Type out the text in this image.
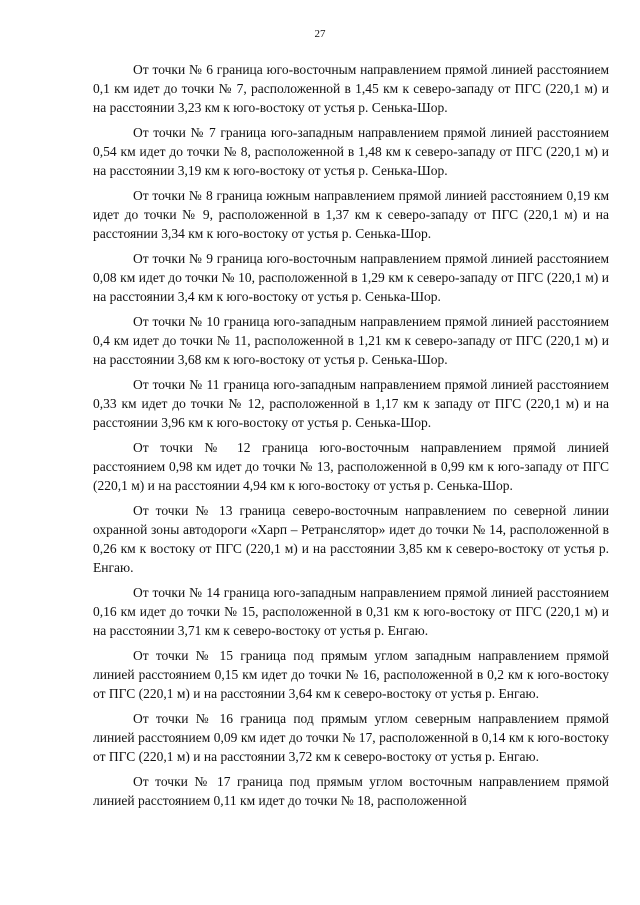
27

От точки № 6 граница юго-восточным направлением прямой линией расстоянием 0,1 км идет до точки № 7, расположенной в 1,45 км к северо-западу от ПГС (220,1 м) и на расстоянии 3,23 км к юго-востоку от устья р. Сенька-Шор.

От точки № 7 граница юго-западным направлением прямой линией расстоянием 0,54 км идет до точки № 8, расположенной в 1,48 км к северо-западу от ПГС (220,1 м) и на расстоянии 3,19 км к юго-востоку от устья р. Сенька-Шор.

От точки № 8 граница южным направлением прямой линией расстоянием 0,19 км идет до точки № 9, расположенной в 1,37 км к северо-западу от ПГС (220,1 м) и на расстоянии 3,34 км к юго-востоку от устья р. Сенька-Шор.

От точки № 9 граница юго-восточным направлением прямой линией расстоянием 0,08 км идет до точки № 10, расположенной в 1,29 км к северо-западу от ПГС (220,1 м) и на расстоянии 3,4 км к юго-востоку от устья р. Сенька-Шор.

От точки № 10 граница юго-западным направлением прямой линией расстоянием 0,4 км идет до точки № 11, расположенной в 1,21 км к северо-западу от ПГС (220,1 м) и на расстоянии 3,68 км к юго-востоку от устья р. Сенька-Шор.

От точки № 11 граница юго-западным направлением прямой линией расстоянием 0,33 км идет до точки № 12, расположенной в 1,17 км к западу от ПГС (220,1 м) и на расстоянии 3,96 км к юго-востоку от устья р. Сенька-Шор.

От точки № 12 граница юго-восточным направлением прямой линией расстоянием 0,98 км идет до точки № 13, расположенной в 0,99 км к юго-западу от ПГС (220,1 м) и на расстоянии 4,94 км к юго-востоку от устья р. Сенька-Шор.

От точки № 13 граница северо-восточным направлением по северной линии охранной зоны автодороги «Харп – Ретранслятор» идет до точки № 14, расположенной в 0,26 км к востоку от ПГС (220,1 м) и на расстоянии 3,85 км к северо-востоку от устья р. Енгаю.

От точки № 14 граница юго-западным направлением прямой линией расстоянием 0,16 км идет до точки № 15, расположенной в 0,31 км к юго-востоку от ПГС (220,1 м) и на расстоянии 3,71 км к северо-востоку от устья р. Енгаю.

От точки № 15 граница под прямым углом западным направлением прямой линией расстоянием 0,15 км идет до точки № 16, расположенной в 0,2 км к юго-востоку от ПГС (220,1 м) и на расстоянии 3,64 км к северо-востоку от устья р. Енгаю.

От точки № 16 граница под прямым углом северным направлением прямой линией расстоянием 0,09 км идет до точки № 17, расположенной в 0,14 км к юго-востоку от ПГС (220,1 м) и на расстоянии 3,72 км к северо-востоку от устья р. Енгаю.

От точки № 17 граница под прямым углом восточным направлением прямой линией расстоянием 0,11 км идет до точки № 18, расположенной
